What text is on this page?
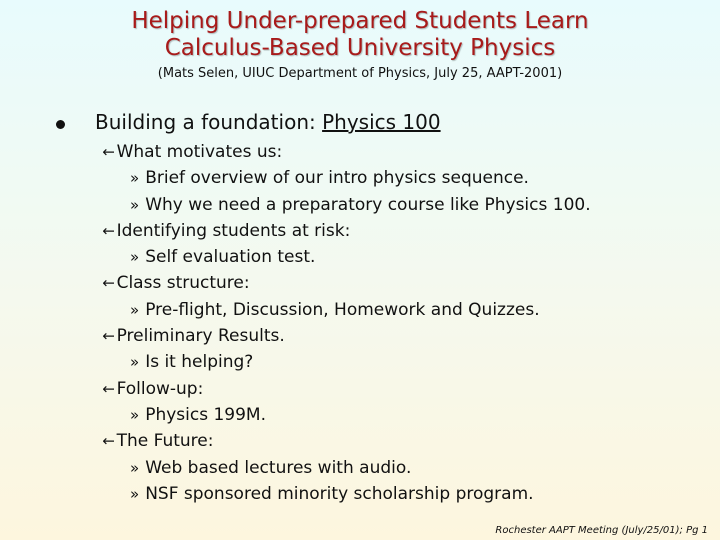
Helping Under-prepared Students Learn
Calculus-Based University Physics
(Mats Selen, UIUC Department of Physics, July 25, AAPT-2001)
Building a foundation: Physics 100
↑ What motivates us:
» Brief overview of our intro physics sequence.
» Why we need a preparatory course like Physics 100.
↑ Identifying students at risk:
» Self evaluation test.
↑ Class structure:
» Pre-flight, Discussion, Homework and Quizzes.
↑ Preliminary Results.
» Is it helping?
↑ Follow-up:
» Physics 199M.
↑ The Future:
» Web based lectures with audio.
» NSF sponsored minority scholarship program.
Rochester AAPT Meeting (July/25/01); Pg 1
